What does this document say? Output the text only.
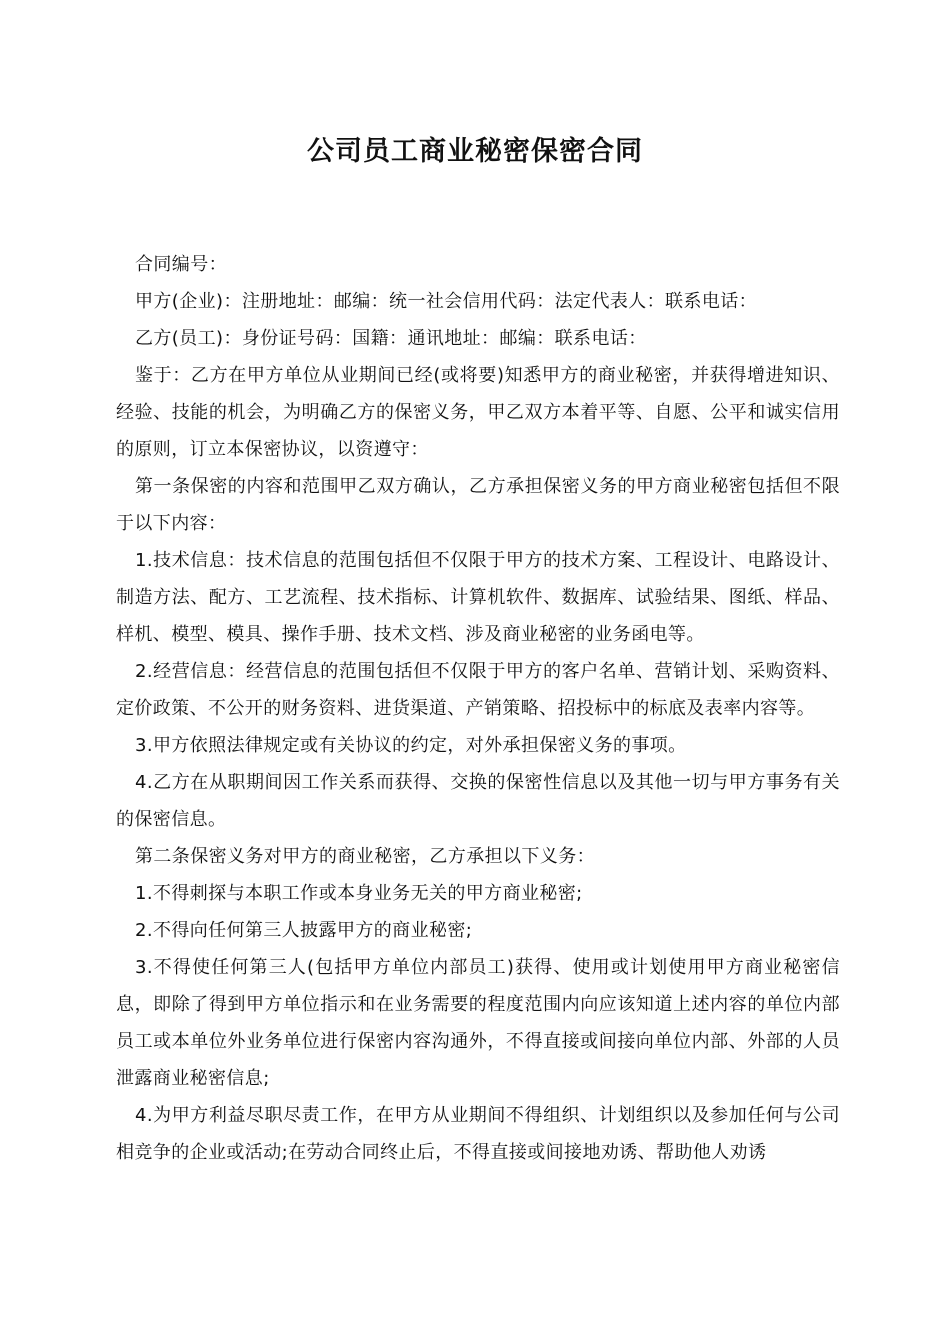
公司员工商业秘密保密合同

合同编号：

甲方(企业)：注册地址：邮编：统一社会信用代码：法定代表人：联系电话：

乙方(员工)：身份证号码：国籍：通讯地址：邮编：联系电话：

鉴于：乙方在甲方单位从业期间已经(或将要)知悉甲方的商业秘密，并获得增进知识、经验、技能的机会，为明确乙方的保密义务，甲乙双方本着平等、自愿、公平和诚实信用的原则，订立本保密协议，以资遵守：

第一条保密的内容和范围甲乙双方确认，乙方承担保密义务的甲方商业秘密包括但不限于以下内容：

1.技术信息：技术信息的范围包括但不仅限于甲方的技术方案、工程设计、电路设计、制造方法、配方、工艺流程、技术指标、计算机软件、数据库、试验结果、图纸、样品、样机、模型、模具、操作手册、技术文档、涉及商业秘密的业务函电等。

2.经营信息：经营信息的范围包括但不仅限于甲方的客户名单、营销计划、采购资料、定价政策、不公开的财务资料、进货渠道、产销策略、招投标中的标底及表率内容等。

3.甲方依照法律规定或有关协议的约定，对外承担保密义务的事项。

4.乙方在从职期间因工作关系而获得、交换的保密性信息以及其他一切与甲方事务有关的保密信息。

第二条保密义务对甲方的商业秘密，乙方承担以下义务：

1.不得刺探与本职工作或本身业务无关的甲方商业秘密;

2.不得向任何第三人披露甲方的商业秘密;

3.不得使任何第三人(包括甲方单位内部员工)获得、使用或计划使用甲方商业秘密信息，即除了得到甲方单位指示和在业务需要的程度范围内向应该知道上述内容的单位内部员工或本单位外业务单位进行保密内容沟通外，不得直接或间接向单位内部、外部的人员泄露商业秘密信息;

4.为甲方利益尽职尽责工作，在甲方从业期间不得组织、计划组织以及参加任何与公司相竞争的企业或活动;在劳动合同终止后，不得直接或间接地劝诱、帮助他人劝诱
